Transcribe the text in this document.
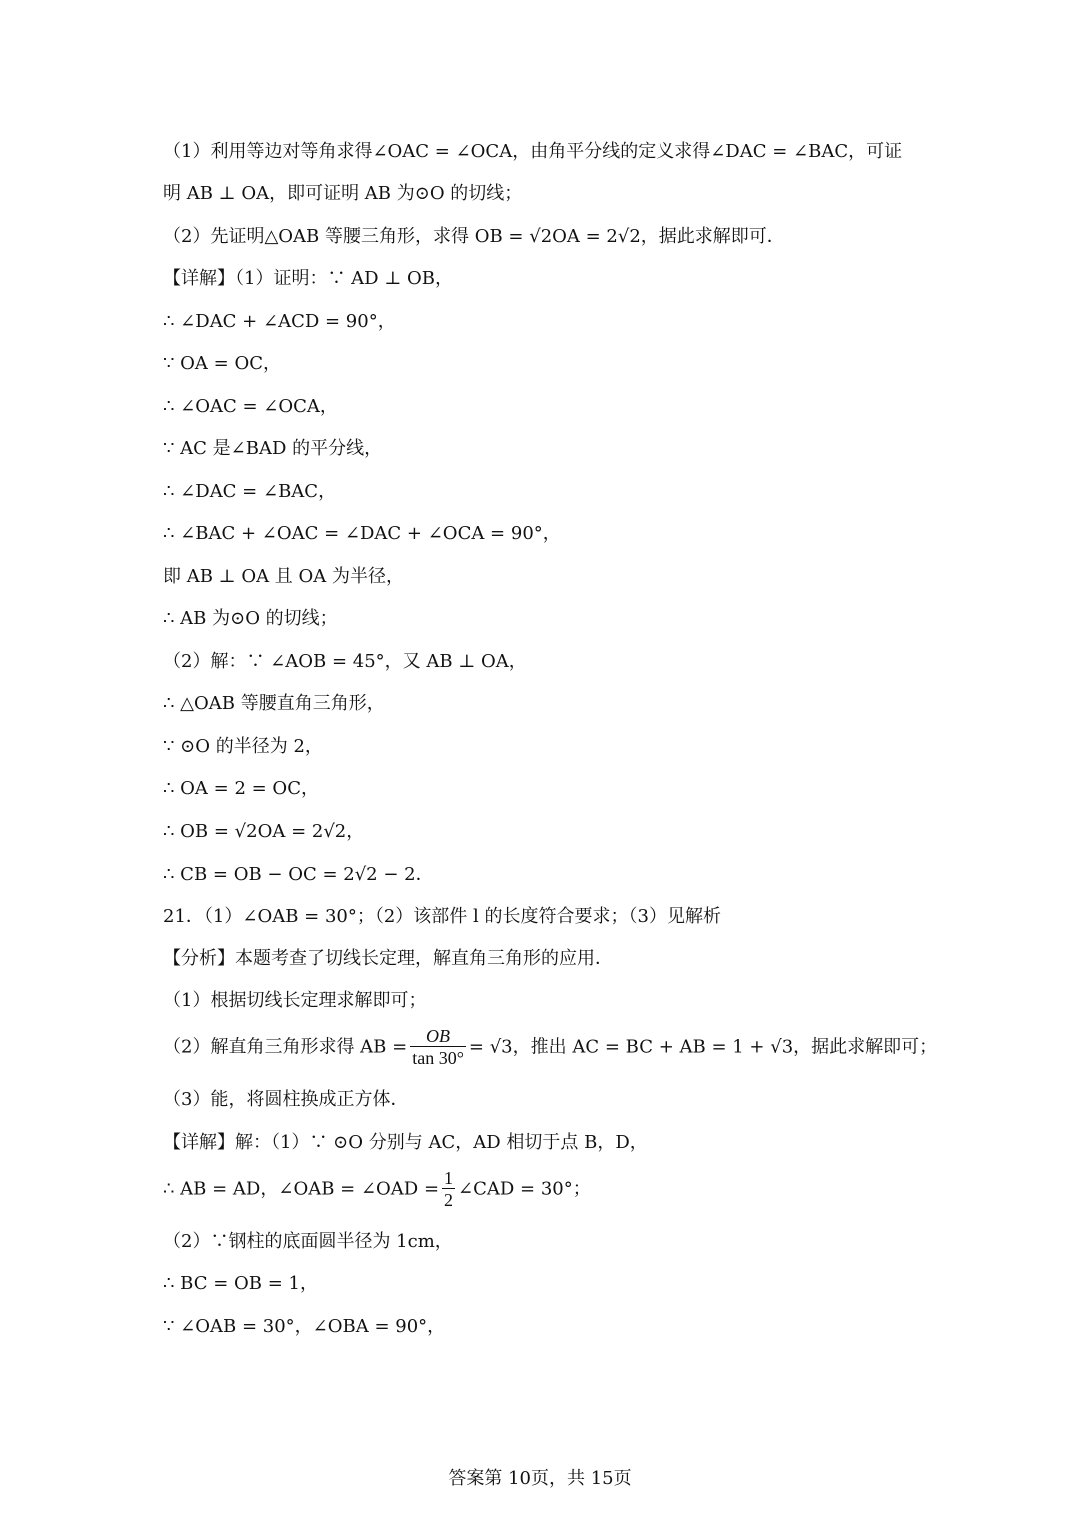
（1）利用等边对等角求得∠OAC = ∠OCA，由角平分线的定义求得∠DAC = ∠BAC，可证
明 AB ⊥ OA，即可证明 AB 为⊙O 的切线；
（2）先证明△OAB 等腰三角形，求得 OB = √2OA = 2√2，据此求解即可．
【详解】（1）证明：∵ AD ⊥ OB，
∴ ∠DAC + ∠ACD = 90°，
∵ OA = OC，
∴ ∠OAC = ∠OCA，
∵ AC 是∠BAD 的平分线，
∴ ∠DAC = ∠BAC，
∴ ∠BAC + ∠OAC = ∠DAC + ∠OCA = 90°，
即 AB ⊥ OA 且 OA 为半径，
∴ AB 为⊙O 的切线；
（2）解：∵ ∠AOB = 45°，又 AB ⊥ OA，
∴ △OAB 等腰直角三角形，
∵ ⊙O 的半径为 2，
∴ OA = 2 = OC，
∴ OB = √2OA = 2√2，
∴ CB = OB − OC = 2√2 − 2．
21．（1）∠OAB = 30°；（2）该部件 l 的长度符合要求；（3）见解析
【分析】本题考查了切线长定理，解直角三角形的应用．
（1）根据切线长定理求解即可；
（2）解直角三角形求得 AB = $\frac{OB}{\tan 30^\circ} = √3$，推出 AC = BC + AB = 1 + √3，据此求解即可；
（3）能，将圆柱换成正方体．
【详解】解：（1）∵ ⊙O 分别与 AC，AD 相切于点 B，D，
∴ AB = AD，∠OAB = ∠OAD = $\frac{1}{2}$ ∠CAD = 30°；
（2）∵钢柱的底面圆半径为 1cm，
∴ BC = OB = 1，
∵ ∠OAB = 30°，∠OBA = 90°，
答案第 10页，共 15页
